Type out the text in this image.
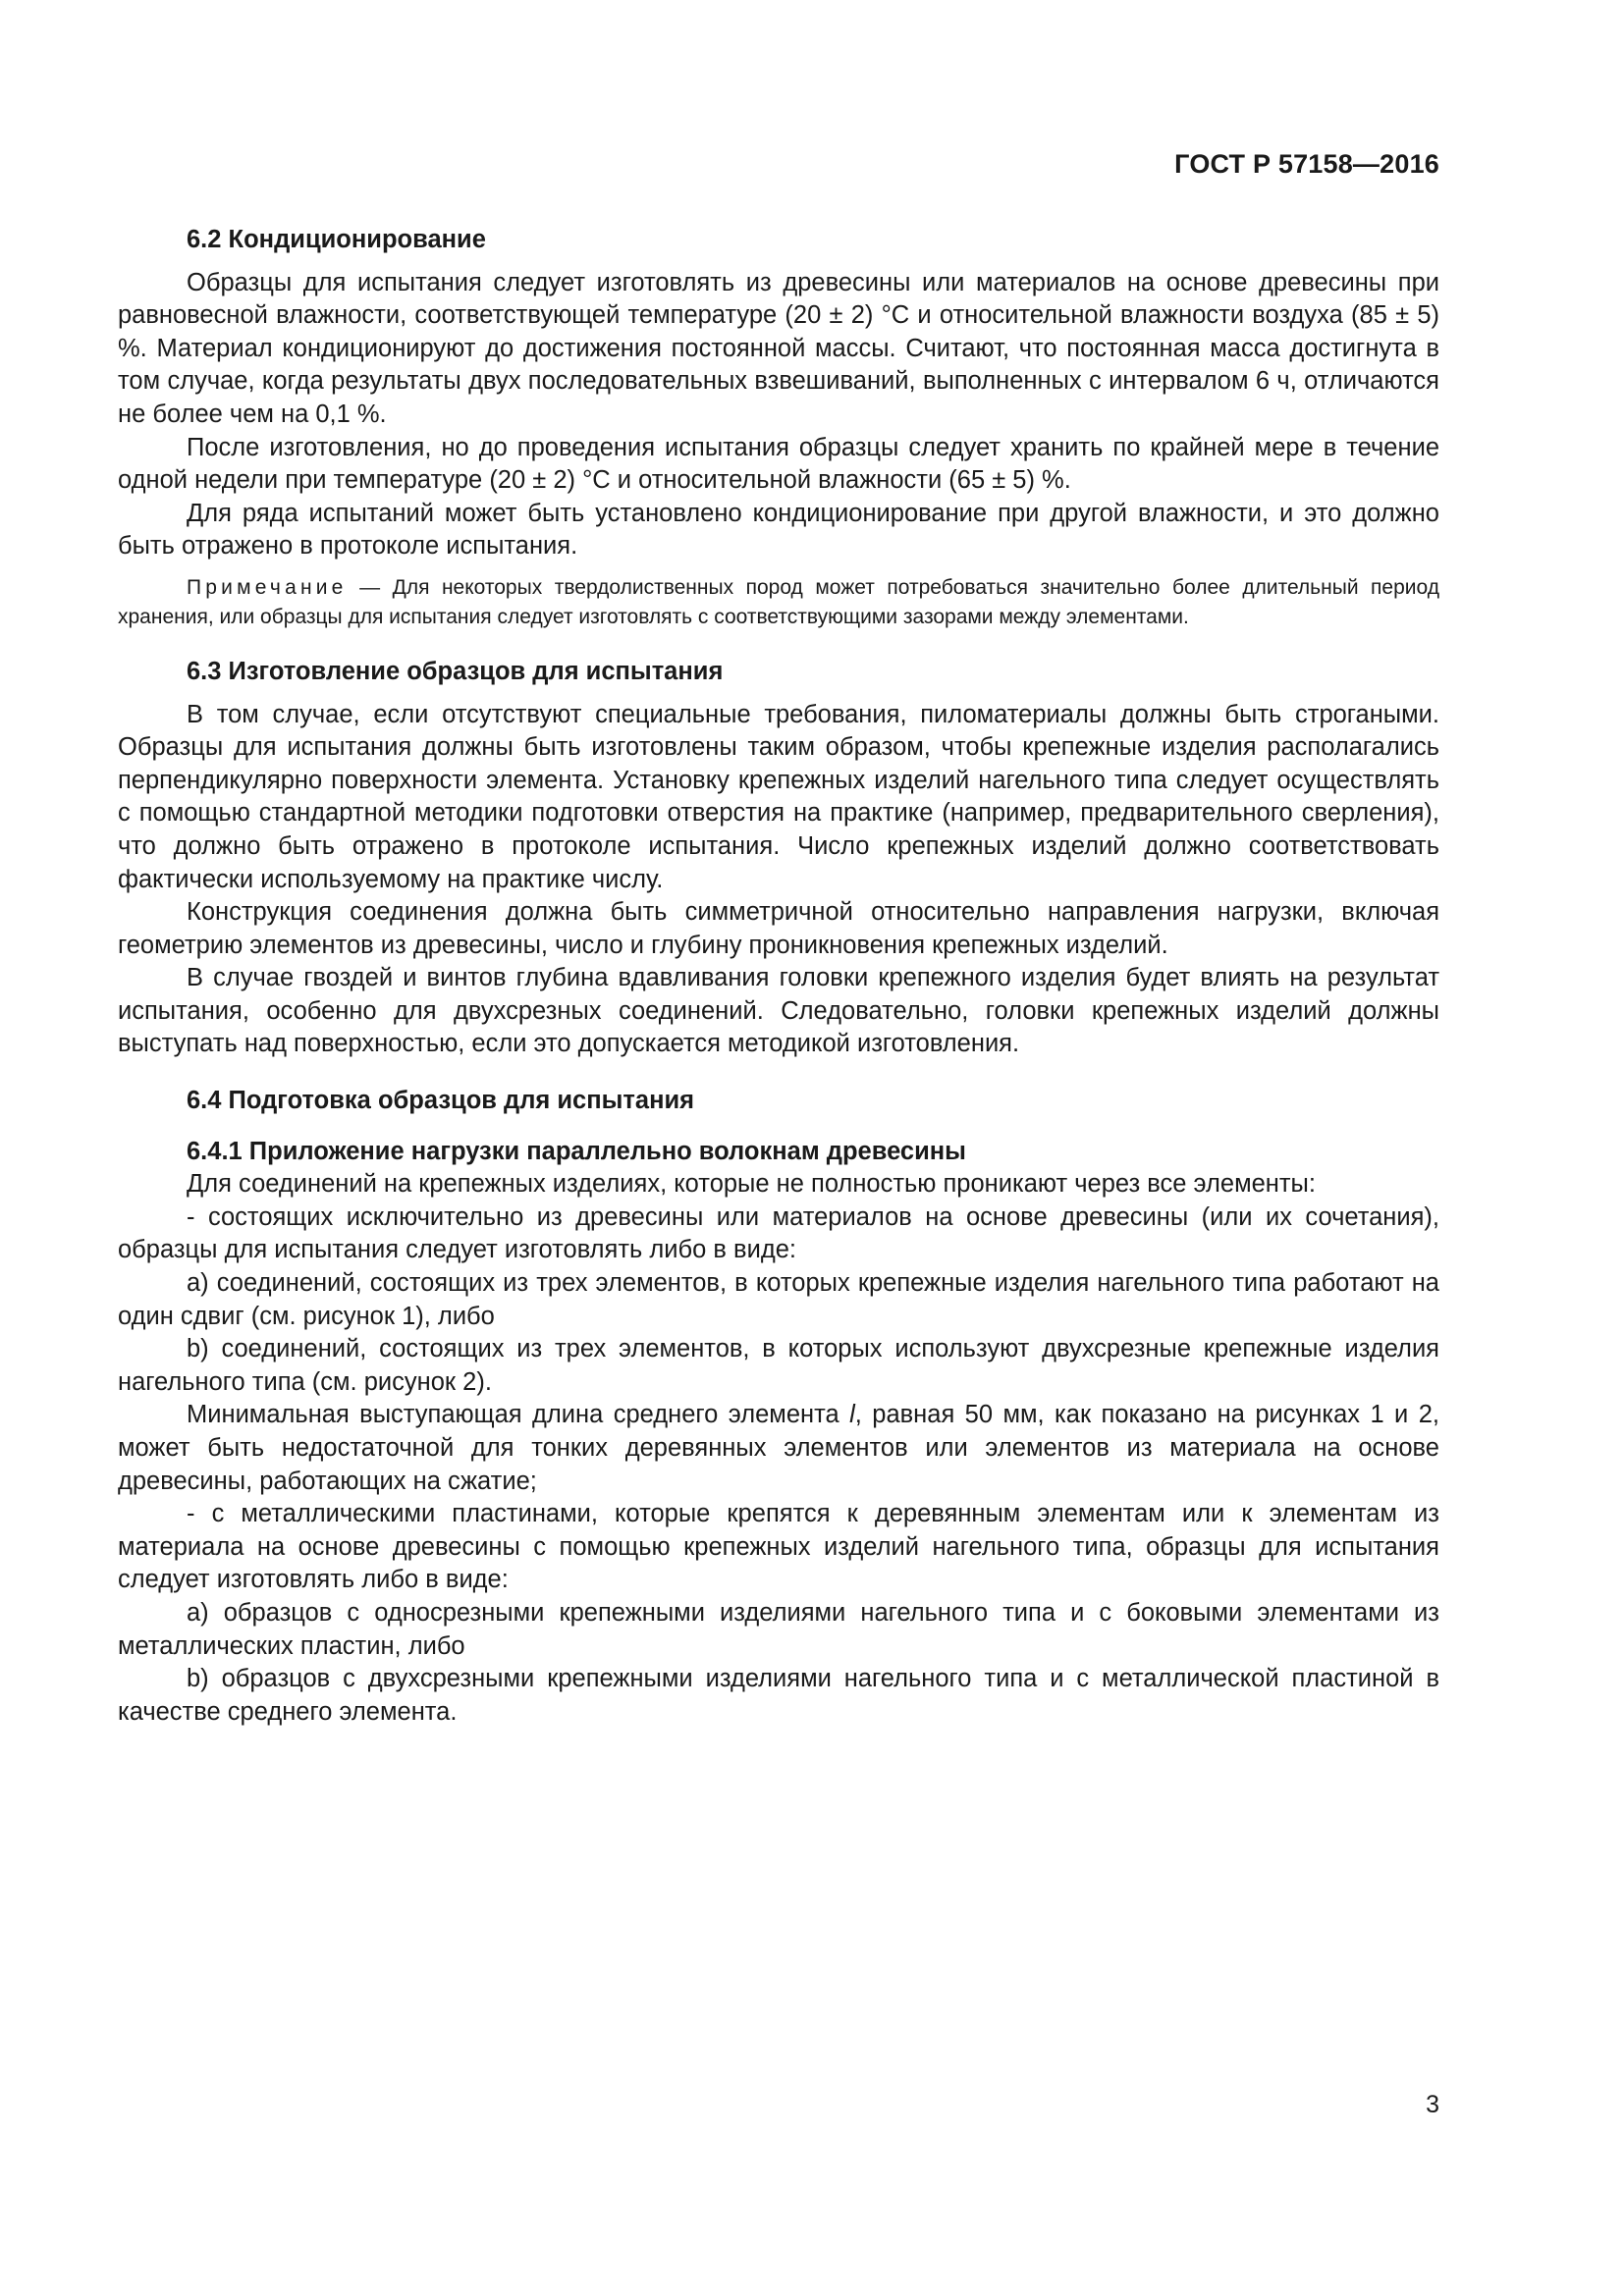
ГОСТ Р 57158—2016
6.2 Кондиционирование

Образцы для испытания следует изготовлять из древесины или материалов на основе древесины при равновесной влажности, соответствующей температуре (20 ± 2) °С и относительной влажности воздуха (85 ± 5) %. Материал кондиционируют до достижения постоянной массы. Считают, что постоянная масса достигнута в том случае, когда результаты двух последовательных взвешиваний, выполненных с интервалом 6 ч, отличаются не более чем на 0,1 %.

После изготовления, но до проведения испытания образцы следует хранить по крайней мере в течение одной недели при температуре (20 ± 2) °С и относительной влажности (65 ± 5) %.

Для ряда испытаний может быть установлено кондиционирование при другой влажности, и это должно быть отражено в протоколе испытания.

Примечание — Для некоторых твердолиственных пород может потребоваться значительно более длительный период хранения, или образцы для испытания следует изготовлять с соответствующими зазорами между элементами.

6.3 Изготовление образцов для испытания

В том случае, если отсутствуют специальные требования, пиломатериалы должны быть строгаными. Образцы для испытания должны быть изготовлены таким образом, чтобы крепежные изделия располагались перпендикулярно поверхности элемента. Установку крепежных изделий нагельного типа следует осуществлять с помощью стандартной методики подготовки отверстия на практике (например, предварительного сверления), что должно быть отражено в протоколе испытания. Число крепежных изделий должно соответствовать фактически используемому на практике числу.

Конструкция соединения должна быть симметричной относительно направления нагрузки, включая геометрию элементов из древесины, число и глубину проникновения крепежных изделий.

В случае гвоздей и винтов глубина вдавливания головки крепежного изделия будет влиять на результат испытания, особенно для двухсрезных соединений. Следовательно, головки крепежных изделий должны выступать над поверхностью, если это допускается методикой изготовления.

6.4 Подготовка образцов для испытания
6.4.1 Приложение нагрузки параллельно волокнам древесины

Для соединений на крепежных изделиях, которые не полностью проникают через все элементы:

- состоящих исключительно из древесины или материалов на основе древесины (или их сочетания), образцы для испытания следует изготовлять либо в виде:

a) соединений, состоящих из трех элементов, в которых крепежные изделия нагельного типа работают на один сдвиг (см. рисунок 1), либо

b) соединений, состоящих из трех элементов, в которых используют двухсрезные крепежные изделия нагельного типа (см. рисунок 2).

Минимальная выступающая длина среднего элемента l, равная 50 мм, как показано на рисунках 1 и 2, может быть недостаточной для тонких деревянных элементов или элементов из материала на основе древесины, работающих на сжатие;

- с металлическими пластинами, которые крепятся к деревянным элементам или к элементам из материала на основе древесины с помощью крепежных изделий нагельного типа, образцы для испытания следует изготовлять либо в виде:

a) образцов с односрезными крепежными изделиями нагельного типа и с боковыми элементами из металлических пластин, либо

b) образцов с двухсрезными крепежными изделиями нагельного типа и с металлической пластиной в качестве среднего элемента.

3
